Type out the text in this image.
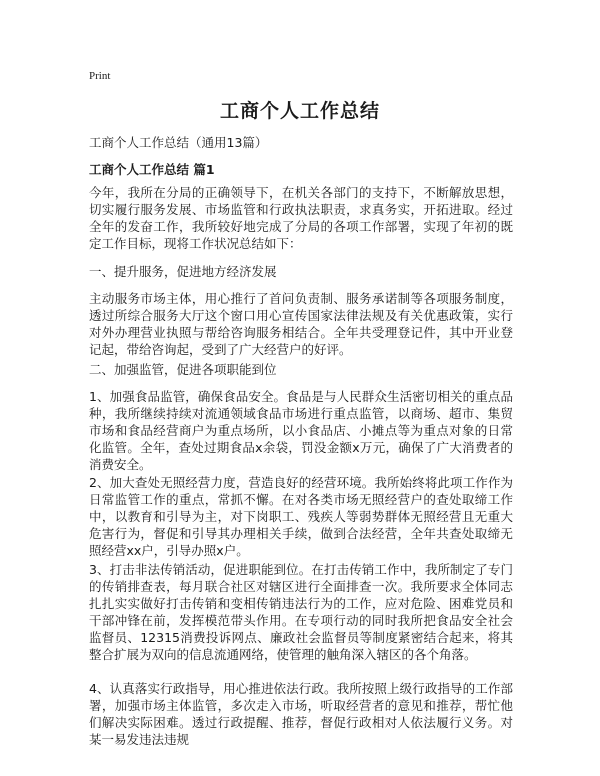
Print
工商个人工作总结
工商个人工作总结（通用13篇）
工商个人工作总结 篇1

今年，我所在分局的正确领导下，在机关各部门的支持下，不断解放思想，切实履行服务发展、市场监管和行政执法职责，求真务实，开拓进取。经过全年的发奋工作，我所较好地完成了分局的各项工作部署，实现了年初的既定工作目标，现将工作状况总结如下：

一、提升服务，促进地方经济发展

主动服务市场主体，用心推行了首问负责制、服务承诺制等各项服务制度，透过所综合服务大厅这个窗口用心宣传国家法律法规及有关优惠政策，实行对外办理营业执照与帮给咨询服务相结合。全年共受理登记件，其中开业登记起，带给咨询起，受到了广大经营户的好评。

二、加强监管，促进各项职能到位

1、加强食品监管，确保食品安全。食品是与人民群众生活密切相关的重点品种，我所继续持续对流通领域食品市场进行重点监管，以商场、超市、集贸市场和食品经营商户为重点场所，以小食品店、小摊点等为重点对象的日常化监管。全年，查处过期食品x余袋，罚没金额x万元，确保了广大消费者的消费安全。

2、加大查处无照经营力度，营造良好的经营环境。我所始终将此项工作作为日常监管工作的重点，常抓不懈。在对各类市场无照经营户的查处取缔工作中，以教育和引导为主，对下岗职工、残疾人等弱势群体无照经营且无重大危害行为，督促和引导其办理相关手续，做到合法经营，全年共查处取缔无照经营xx户，引导办照x户。

3、打击非法传销活动，促进职能到位。在打击传销工作中，我所制定了专门的传销排查表，每月联合社区对辖区进行全面排查一次。我所要求全体同志扎扎实实做好打击传销和变相传销违法行为的工作，应对危险、困难党员和干部冲锋在前，发挥模范带头作用。在专项行动的同时我所把食品安全社会监督员、12315消费投诉网点、廉政社会监督员等制度紧密结合起来，将其整合扩展为双向的信息流通网络，使管理的触角深入辖区的各个角落。

4、认真落实行政指导，用心推进依法行政。我所按照上级行政指导的工作部署，加强市场主体监管，多次走入市场，听取经营者的意见和推荐，帮忙他们解决实际困难。透过行政提醒、推荐，督促行政相对人依法履行义务。对某一易发违法违规
